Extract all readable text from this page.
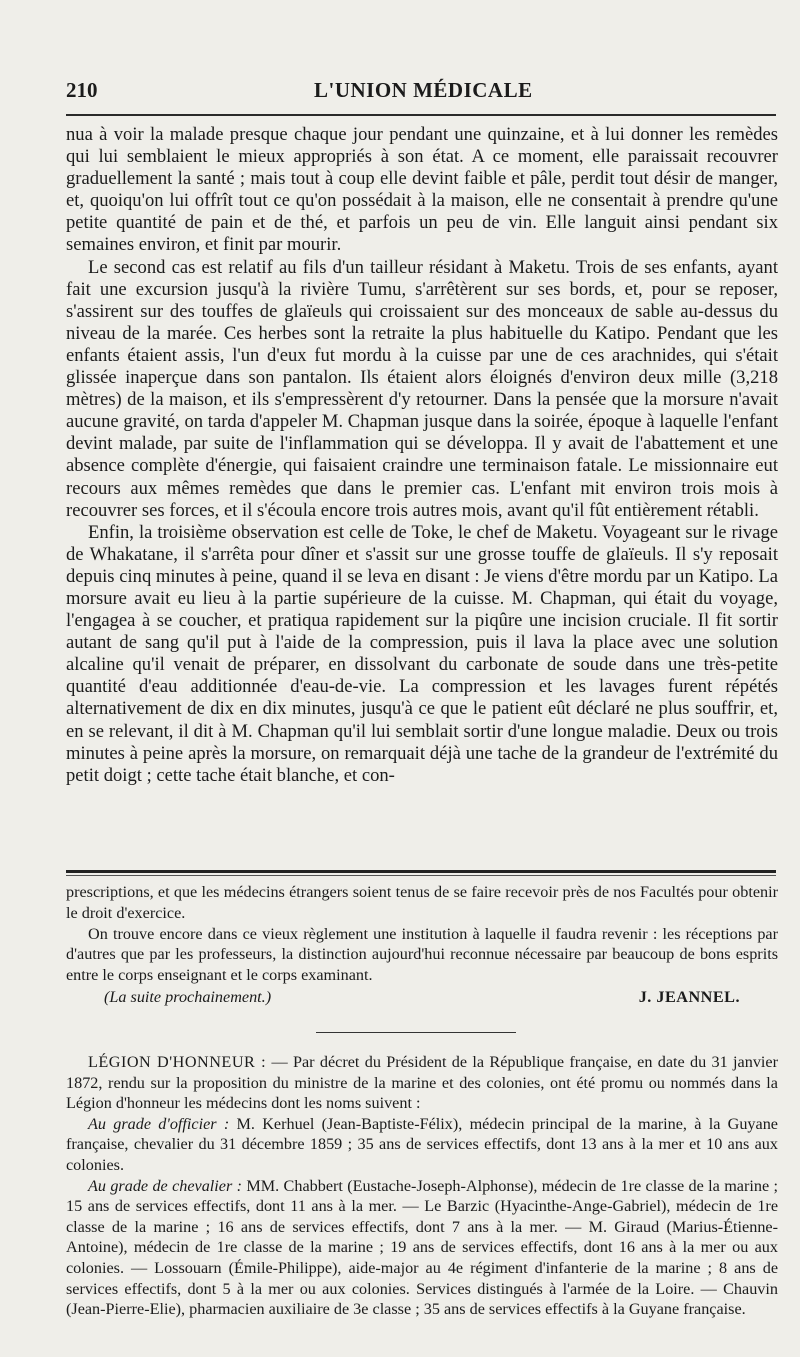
210	L'UNION MÉDICALE

nua à voir la malade presque chaque jour pendant une quinzaine, et à lui donner les remèdes qui lui semblaient le mieux appropriés à son état. A ce moment, elle paraissait recouvrer graduellement la santé ; mais tout à coup elle devint faible et pâle, perdit tout désir de manger, et, quoiqu'on lui offrît tout ce qu'on possédait à la maison, elle ne consentait à prendre qu'une petite quantité de pain et de thé, et parfois un peu de vin. Elle languit ainsi pendant six semaines environ, et finit par mourir.

Le second cas est relatif au fils d'un tailleur résidant à Maketu. Trois de ses enfants, ayant fait une excursion jusqu'à la rivière Tumu, s'arrêtèrent sur ses bords, et, pour se reposer, s'assirent sur des touffes de glaïeuls qui croissaient sur des monceaux de sable au-dessus du niveau de la marée. Ces herbes sont la retraite la plus habituelle du Katipo. Pendant que les enfants étaient assis, l'un d'eux fut mordu à la cuisse par une de ces arachnides, qui s'était glissée inaperçue dans son pantalon. Ils étaient alors éloignés d'environ deux mille (3,218 mètres) de la maison, et ils s'empressèrent d'y retourner. Dans la pensée que la morsure n'avait aucune gravité, on tarda d'appeler M. Chapman jusque dans la soirée, époque à laquelle l'enfant devint malade, par suite de l'inflammation qui se développa. Il y avait de l'abattement et une absence complète d'énergie, qui faisaient craindre une terminaison fatale. Le missionnaire eut recours aux mêmes remèdes que dans le premier cas. L'enfant mit environ trois mois à recouvrer ses forces, et il s'écoula encore trois autres mois, avant qu'il fût entièrement rétabli.

Enfin, la troisième observation est celle de Toke, le chef de Maketu. Voyageant sur le rivage de Whakatane, il s'arrêta pour dîner et s'assit sur une grosse touffe de glaïeuls. Il s'y reposait depuis cinq minutes à peine, quand il se leva en disant : Je viens d'être mordu par un Katipo. La morsure avait eu lieu à la partie supérieure de la cuisse. M. Chapman, qui était du voyage, l'engagea à se coucher, et pratiqua rapidement sur la piqûre une incision cruciale. Il fit sortir autant de sang qu'il put à l'aide de la compression, puis il lava la place avec une solution alcaline qu'il venait de préparer, en dissolvant du carbonate de soude dans une très-petite quantité d'eau additionnée d'eau-de-vie. La compression et les lavages furent répétés alternativement de dix en dix minutes, jusqu'à ce que le patient eût déclaré ne plus souffrir, et, en se relevant, il dit à M. Chapman qu'il lui semblait sortir d'une longue maladie. Deux ou trois minutes à peine après la morsure, on remarquait déjà une tache de la grandeur de l'extrémité du petit doigt ; cette tache était blanche, et con-

prescriptions, et que les médecins étrangers soient tenus de se faire recevoir près de nos Facultés pour obtenir le droit d'exercice.

On trouve encore dans ce vieux règlement une institution à laquelle il faudra revenir : les réceptions par d'autres que par les professeurs, la distinction aujourd'hui reconnue nécessaire par beaucoup de bons esprits entre le corps enseignant et le corps examinant.

(La suite prochainement.)	J. JEANNEL.

LÉGION D'HONNEUR : — Par décret du Président de la République française, en date du 31 janvier 1872, rendu sur la proposition du ministre de la marine et des colonies, ont été promu ou nommés dans la Légion d'honneur les médecins dont les noms suivent :

Au grade d'officier : M. Kerhuel (Jean-Baptiste-Félix), médecin principal de la marine, à la Guyane française, chevalier du 31 décembre 1859 ; 35 ans de services effectifs, dont 13 ans à la mer et 10 ans aux colonies.

Au grade de chevalier : MM. Chabbert (Eustache-Joseph-Alphonse), médecin de 1re classe de la marine ; 15 ans de services effectifs, dont 11 ans à la mer. — Le Barzic (Hyacinthe-Ange-Gabriel), médecin de 1re classe de la marine ; 16 ans de services effectifs, dont 7 ans à la mer. — M. Giraud (Marius-Étienne-Antoine), médecin de 1re classe de la marine ; 19 ans de services effectifs, dont 16 ans à la mer ou aux colonies. — Lossouarn (Émile-Philippe), aide-major au 4e régiment d'infanterie de la marine ; 8 ans de services effectifs, dont 5 à la mer ou aux colonies. Services distingués à l'armée de la Loire. — Chauvin (Jean-Pierre-Elie), pharmacien auxiliaire de 3e classe ; 35 ans de services effectifs à la Guyane française.
